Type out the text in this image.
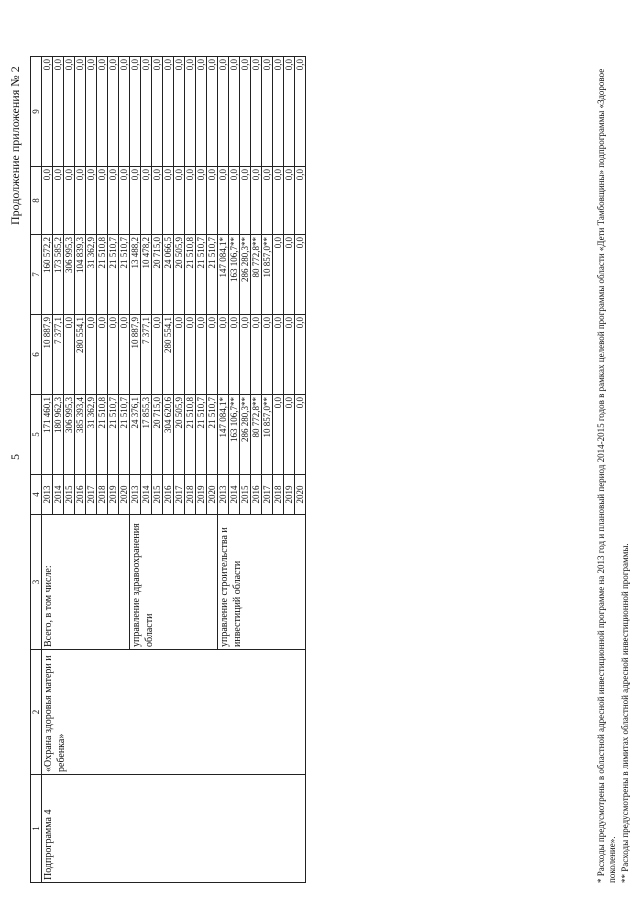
5
Продолжение приложения № 2
1	2	3	4	5	6	7	8	9
Подпрограмма 4	«Охрана здоровья матери и ребенка»	Всего, в том числе:	2013	171 460,1	10 887,9	160 572,2	0,0	0,0
			2014	180 962,3	7 377,1	173 585,2	0,0	0,0
			2015	306 995,3	0,0	306 995,3	0,0	0,0
			2016	385 393,4	280 554,1	104 839,3	0,0	0,0
			2017	31 362,9	0,0	31 362,9	0,0	0,0
			2018	21 510,8	0,0	21 510,8	0,0	0,0
			2019	21 510,7	0,0	21 510,7	0,0	0,0
			2020	21 510,7	0,0	21 510,7	0,0	0,0
		управление здравоохранения области	2013	24 376,1	10 887,9	13 488,2	0,0	0,0
			2014	17 855,3	7 377,1	10 478,2	0,0	0,0
			2015	20 715,0	0,0	20 715,0	0,0	0,0
			2016	304 620,6	280 554,1	24 066,5	0,0	0,0
			2017	20 505,9	0,0	20 505,9	0,0	0,0
			2018	21 510,8	0,0	21 510,8	0,0	0,0
			2019	21 510,7	0,0	21 510,7	0,0	0,0
			2020	21 510,7	0,0	21 510,7	0,0	0,0
		управление строительства и инвестиций области	2013	147 084,1*	0,0	147 084,1*	0,0	0,0
			2014	163 106,7**	0,0	163 106,7**	0,0	0,0
			2015	286 280,3**	0,0	286 280,3**	0,0	0,0
			2016	80 772,8**	0,0	80 772,8**	0,0	0,0
			2017	10 857,0**	0,0	10 857,0**	0,0	0,0
			2018	0,0	0,0	0,0	0,0	0,0
			2019	0,0	0,0	0,0	0,0	0,0
			2020	0,0	0,0	0,0	0,0	0,0
* Расходы предусмотрены в областной адресной инвестиционной программе на 2013 год и плановый период 2014-2015 годов в рамках целевой программы области «Дети Тамбовщины» подпрограммы «Здоровое поколение». ** Расходы предусмотрены в лимитах областной адресной инвестиционной программы.
